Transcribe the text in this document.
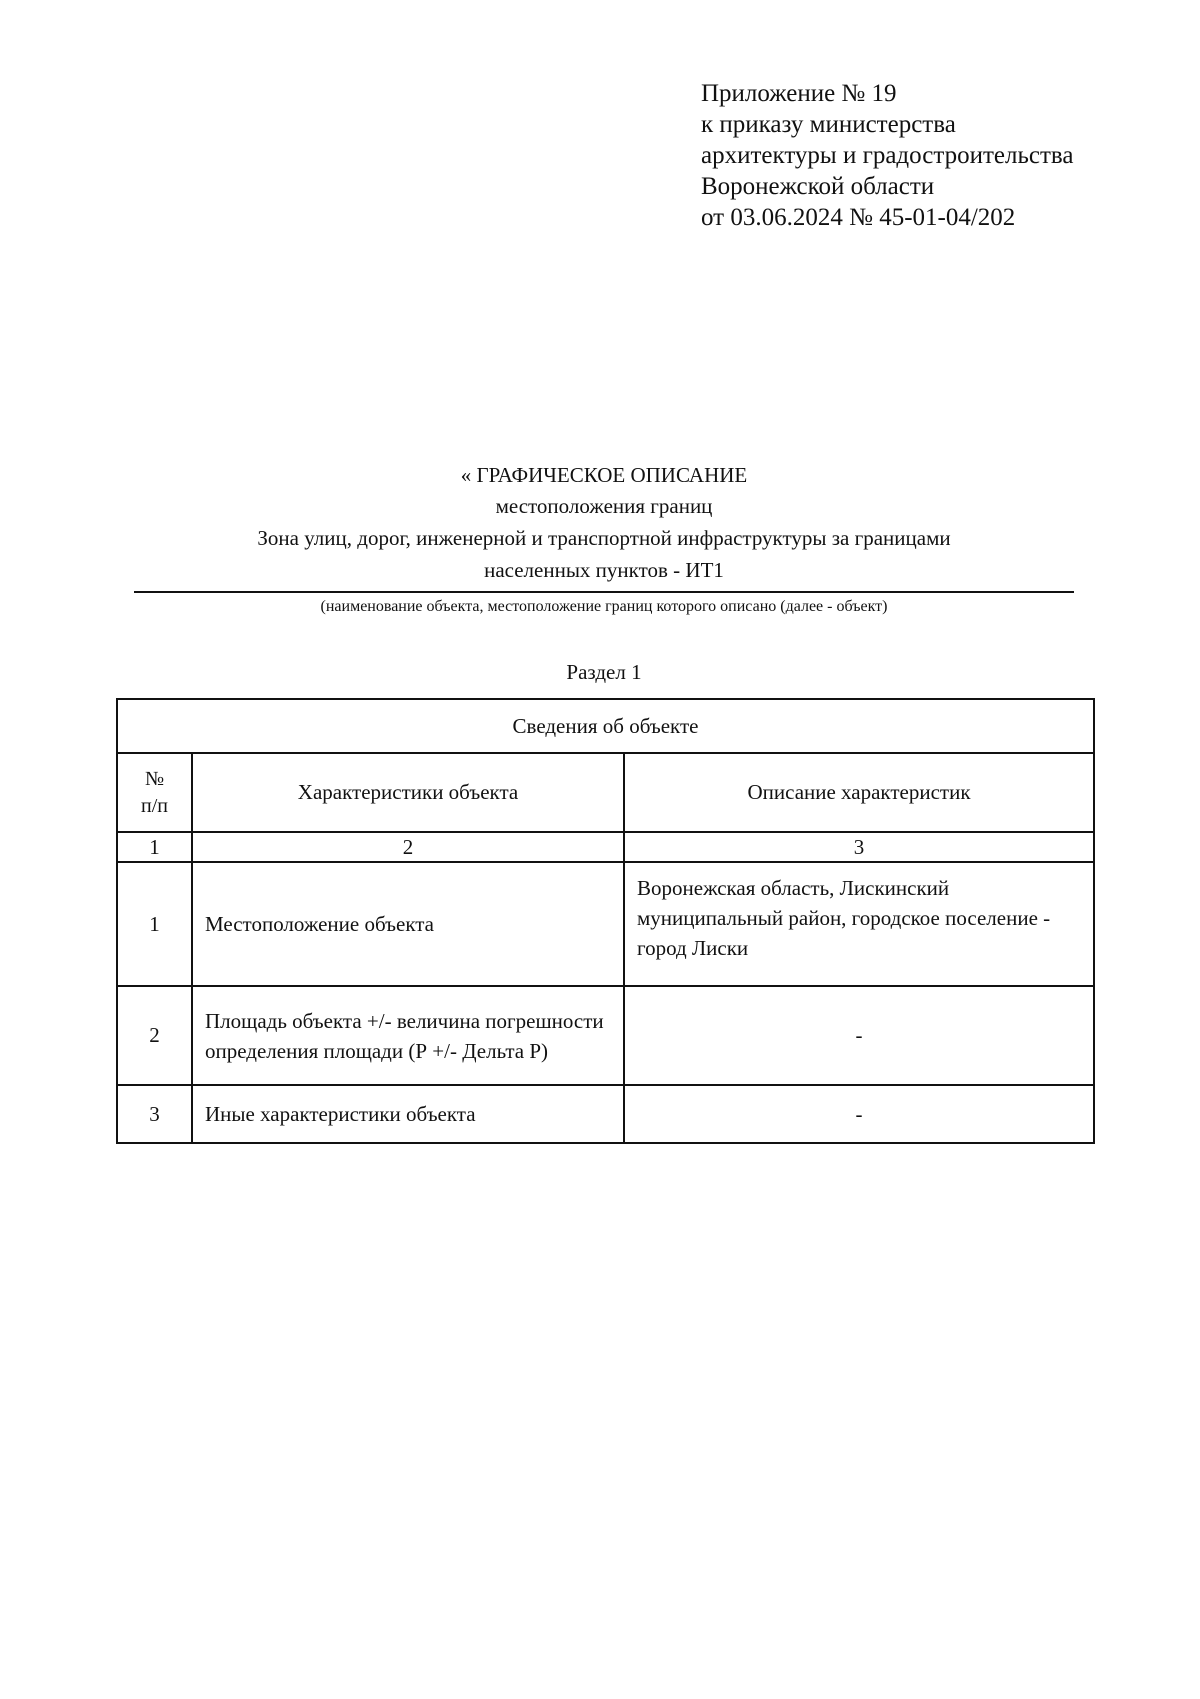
Приложение № 19
к приказу министерства
архитектуры и градостроительства
Воронежской области
от 03.06.2024 № 45-01-04/202
« ГРАФИЧЕСКОЕ ОПИСАНИЕ
местоположения границ
Зона улиц, дорог, инженерной и транспортной инфраструктуры за границами
населенных пунктов - ИТ1
(наименование объекта, местоположение границ которого описано (далее - объект)
Раздел 1
Сведения об объекте		

№
п/п	Характеристики объекта	Описание характеристик
1	2	3
1	Местоположение объекта	Воронежская область, Лискинский муниципальный район, городское поселение - город Лиски
2	Площадь объекта +/- величина погрешности определения площади (Р +/- Дельта Р)	-
3	Иные характеристики объекта	-
